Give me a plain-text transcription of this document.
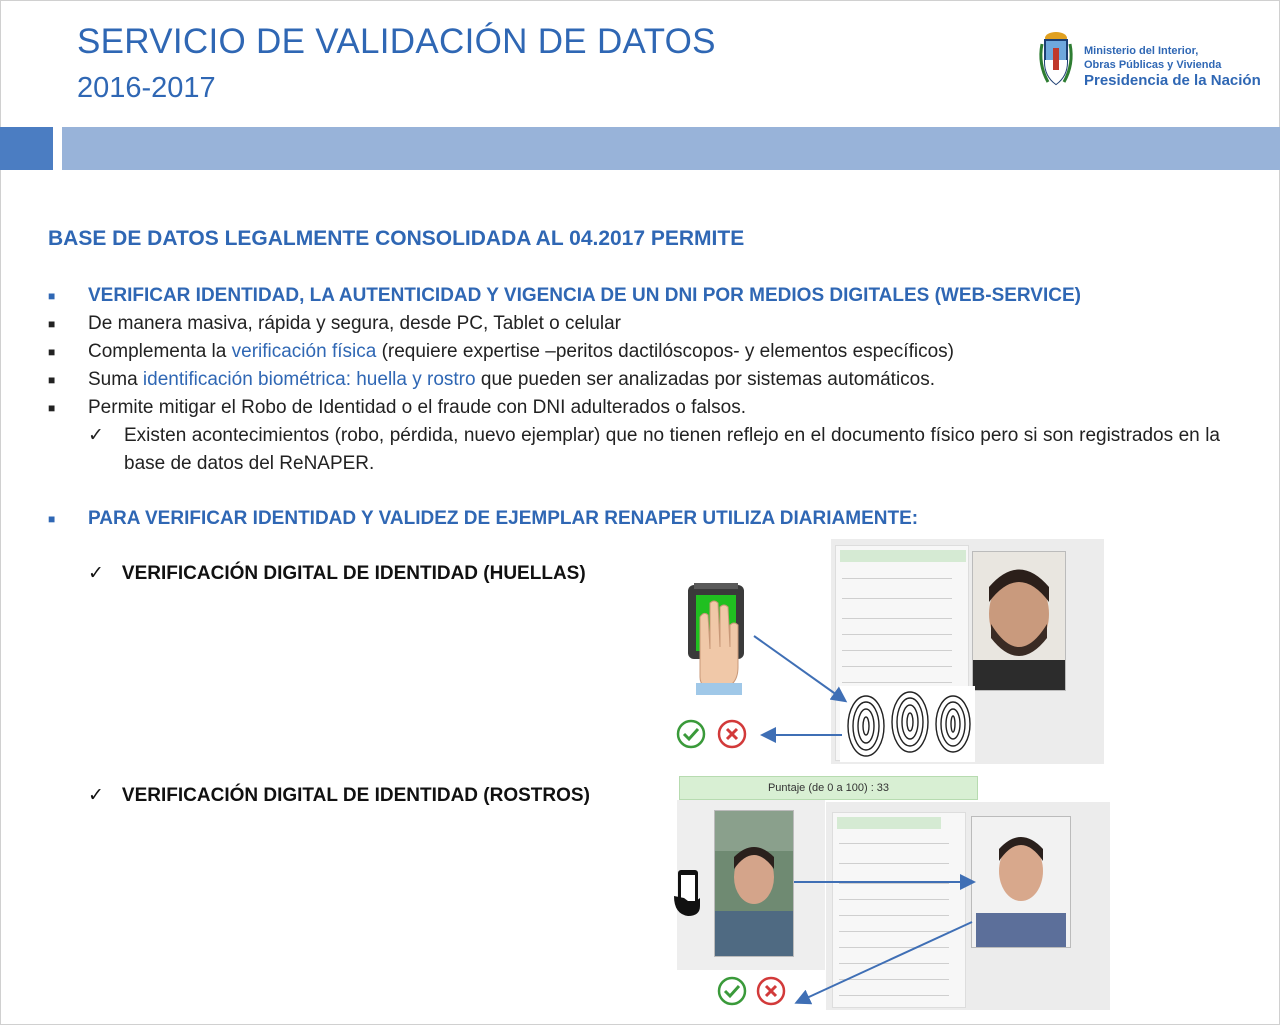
SERVICIO DE VALIDACIÓN DE DATOS
2016-2017
Ministerio del Interior,
Obras Públicas y Vivienda
Presidencia de la Nación
BASE DE DATOS LEGALMENTE CONSOLIDADA AL 04.2017 PERMITE
■	VERIFICAR IDENTIDAD, LA AUTENTICIDAD Y VIGENCIA DE UN DNI POR MEDIOS DIGITALES (WEB-SERVICE)
■	De manera masiva, rápida y segura, desde PC, Tablet o celular
■	Complementa la verificación física (requiere expertise –peritos dactilóscopos- y elementos específicos)
■	Suma identificación biométrica: huella y rostro que pueden ser analizadas por sistemas automáticos.
■	Permite mitigar el Robo de Identidad o el fraude con DNI adulterados o falsos.
✓ Existen acontecimientos (robo, pérdida, nuevo ejemplar) que no tienen reflejo en el documento físico pero si son registrados en la base de datos del ReNAPER.
■ PARA VERIFICAR IDENTIDAD Y VALIDEZ DE EJEMPLAR RENAPER UTILIZA DIARIAMENTE:
✓ VERIFICACIÓN DIGITAL DE IDENTIDAD (HUELLAS)
✓ VERIFICACIÓN DIGITAL DE IDENTIDAD (ROSTROS)	Puntaje (de 0 a 100) : 33
